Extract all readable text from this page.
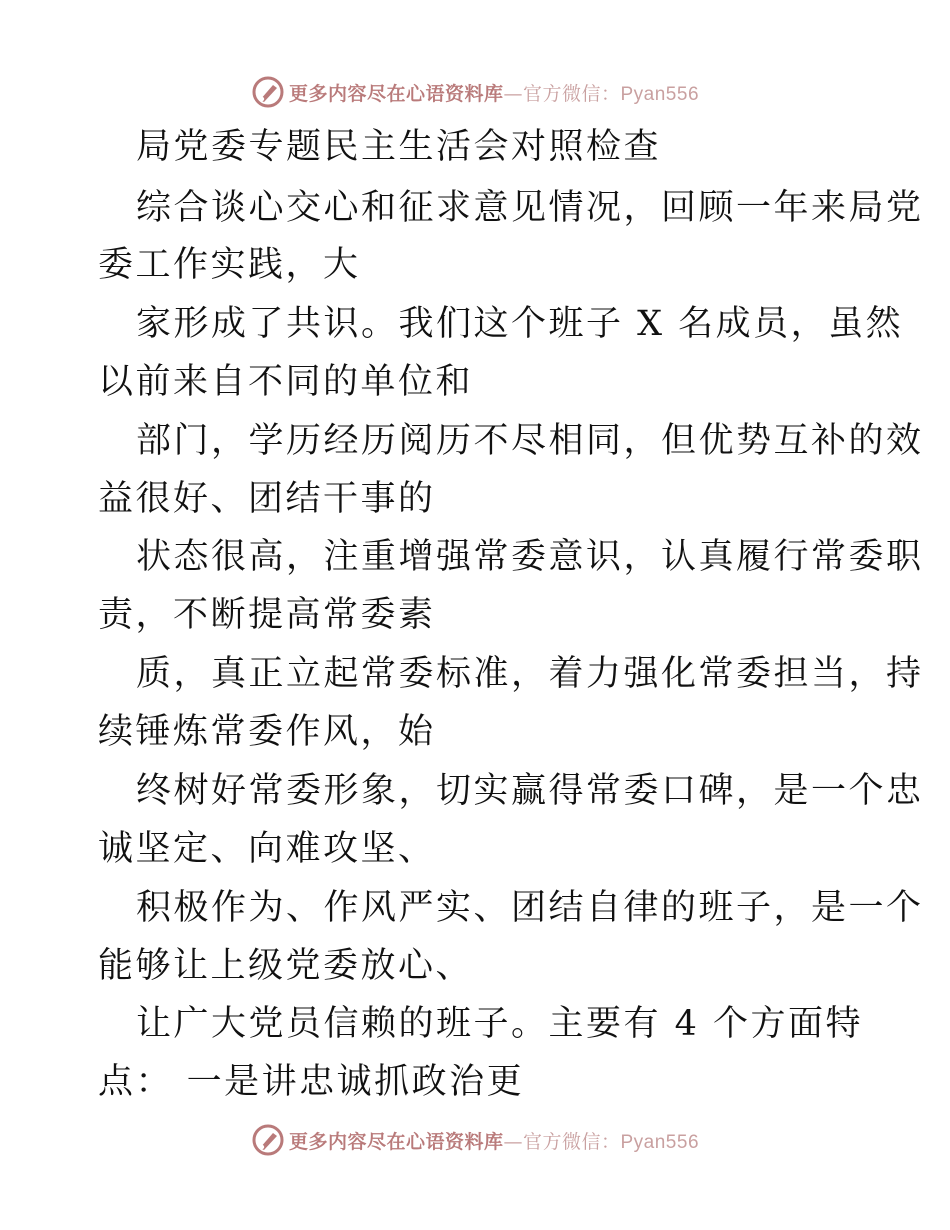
更多内容尽在心语资料库—官方微信：Pyan556
局党委专题民主生活会对照检查
综合谈心交心和征求意见情况，回顾一年来局党
委工作实践，大
家形成了共识。我们这个班子 X 名成员，虽然
以前来自不同的单位和
部门，学历经历阅历不尽相同，但优势互补的效
益很好、团结干事的
状态很高，注重增强常委意识，认真履行常委职
责，不断提高常委素
质，真正立起常委标准，着力强化常委担当，持
续锤炼常委作风，始
终树好常委形象，切实赢得常委口碑，是一个忠
诚坚定、向难攻坚、
积极作为、作风严实、团结自律的班子，是一个
能够让上级党委放心、
让广大党员信赖的班子。主要有 4 个方面特
点： 一是讲忠诚抓政治更
更多内容尽在心语资料库—官方微信：Pyan556
